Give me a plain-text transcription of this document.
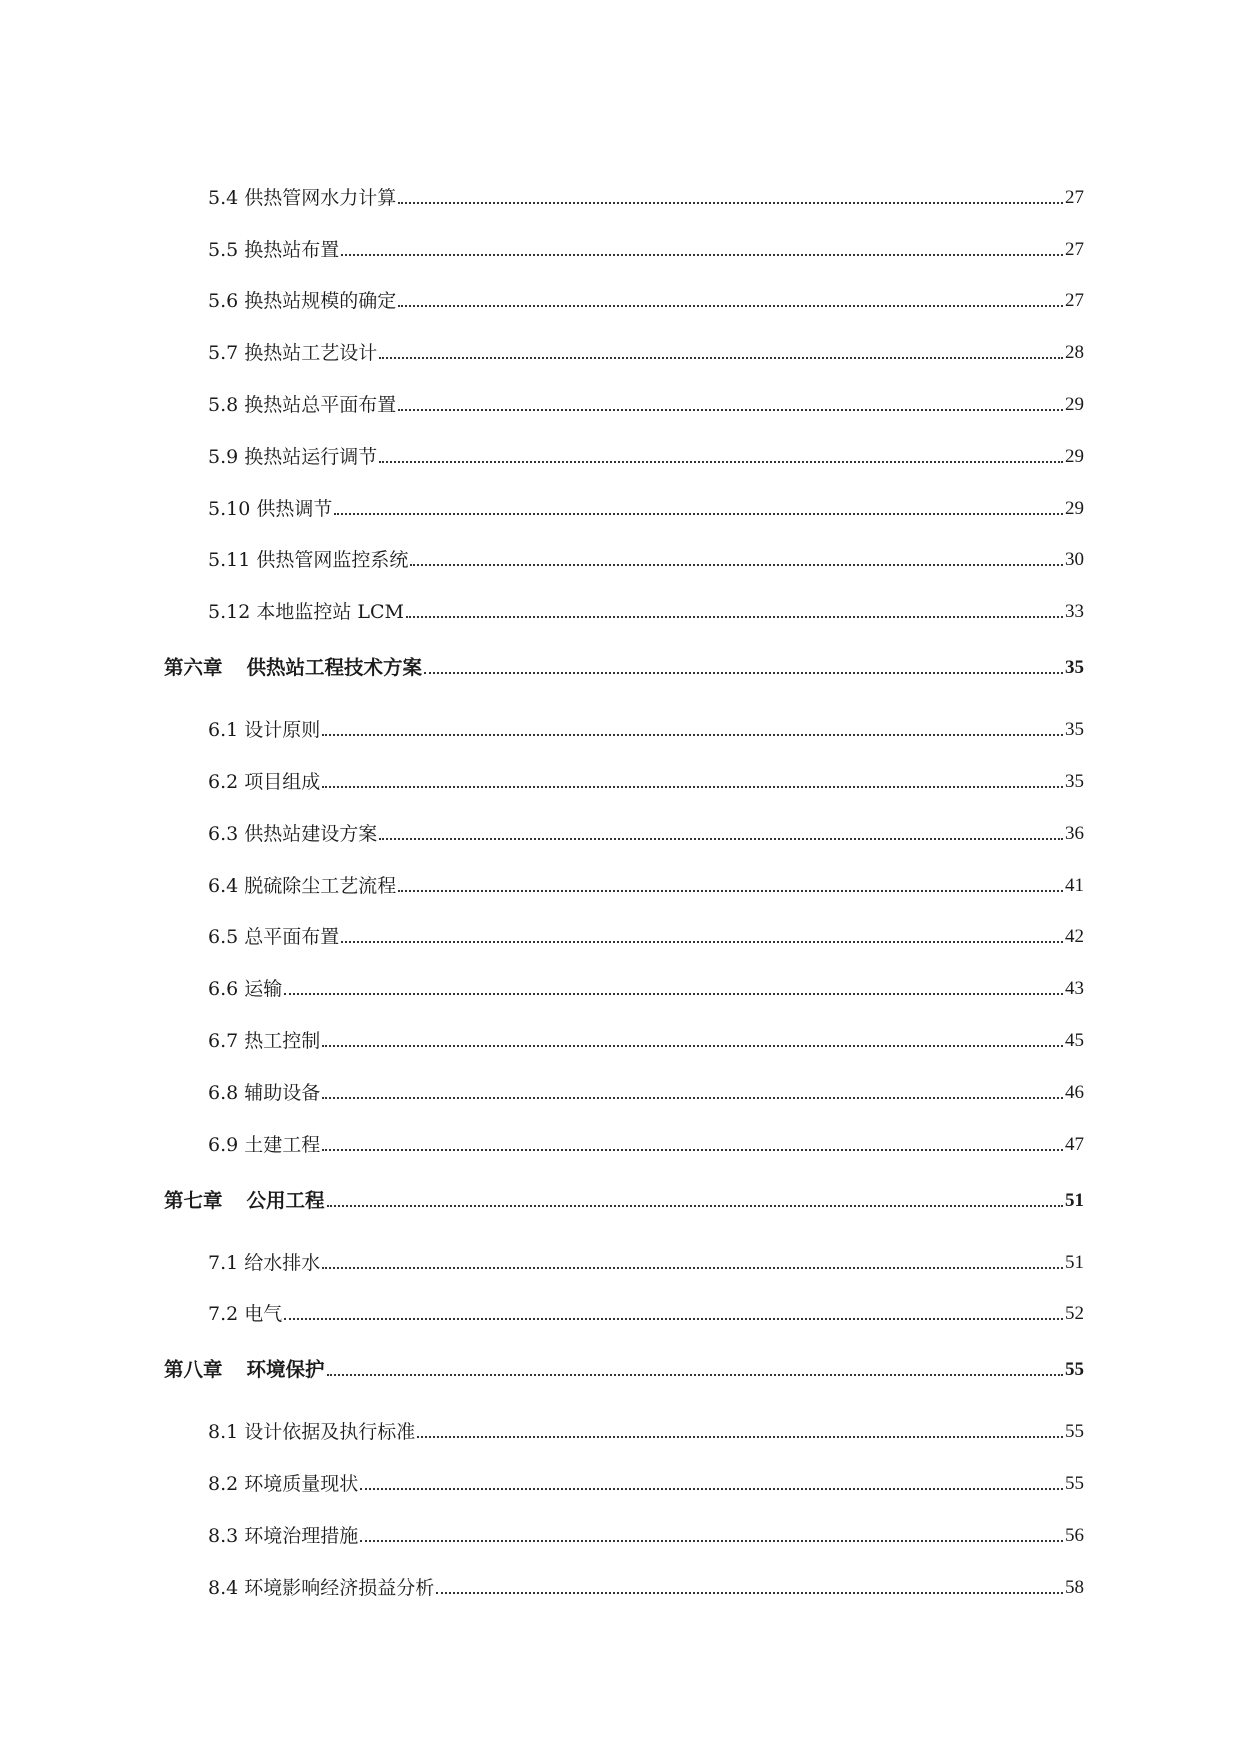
5.4 供热管网水力计算	27
5.5 换热站布置	27
5.6 换热站规模的确定	27
5.7 换热站工艺设计	28
5.8 换热站总平面布置	29
5.9 换热站运行调节	29
5.10 供热调节	29
5.11 供热管网监控系统	30
5.12 本地监控站 LCM	33
第六章 供热站工程技术方案	35
6.1 设计原则	35
6.2 项目组成	35
6.3 供热站建设方案	36
6.4 脱硫除尘工艺流程	41
6.5 总平面布置	42
6.6 运输	43
6.7 热工控制	45
6.8 辅助设备	46
6.9 土建工程	47
第七章 公用工程	51
7.1 给水排水	51
7.2 电气	52
第八章 环境保护	55
8.1 设计依据及执行标准	55
8.2 环境质量现状	55
8.3 环境治理措施	56
8.4 环境影响经济损益分析	58
